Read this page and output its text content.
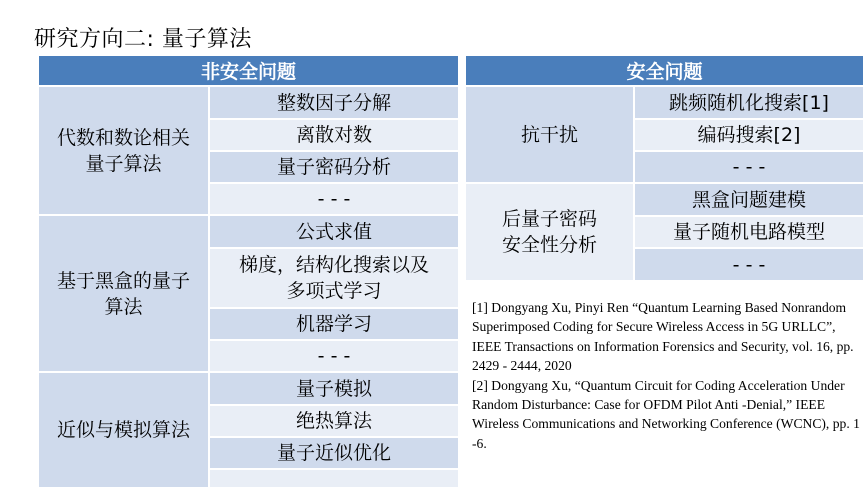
研究方向二: 量子算法
非安全问题
代数和数论相关
量子算法
整数因子分解
离散对数
量子密码分析
- - -
基于黑盒的量子
算法
公式求值
梯度，结构化搜索以及
多项式学习
机器学习
- - -
近似与模拟算法
量子模拟
绝热算法
量子近似优化
安全问题
抗干扰
跳频随机化搜索[1]
编码搜索[2]
- - -
后量子密码
安全性分析
黑盒问题建模
量子随机电路模型
- - -

[1] Dongyang Xu, Pinyi Ren “Quantum Learning Based Nonrandom Superimposed Coding for Secure Wireless Access in 5G URLLC”, IEEE Transactions on Information Forensics and Security, vol. 16, pp. 2429 - 2444, 2020

[2] Dongyang Xu, “Quantum Circuit for Coding Acceleration Under Random Disturbance: Case for OFDM Pilot Anti -Denial,” IEEE Wireless Communications and Networking Conference (WCNC), pp. 1 -6.
